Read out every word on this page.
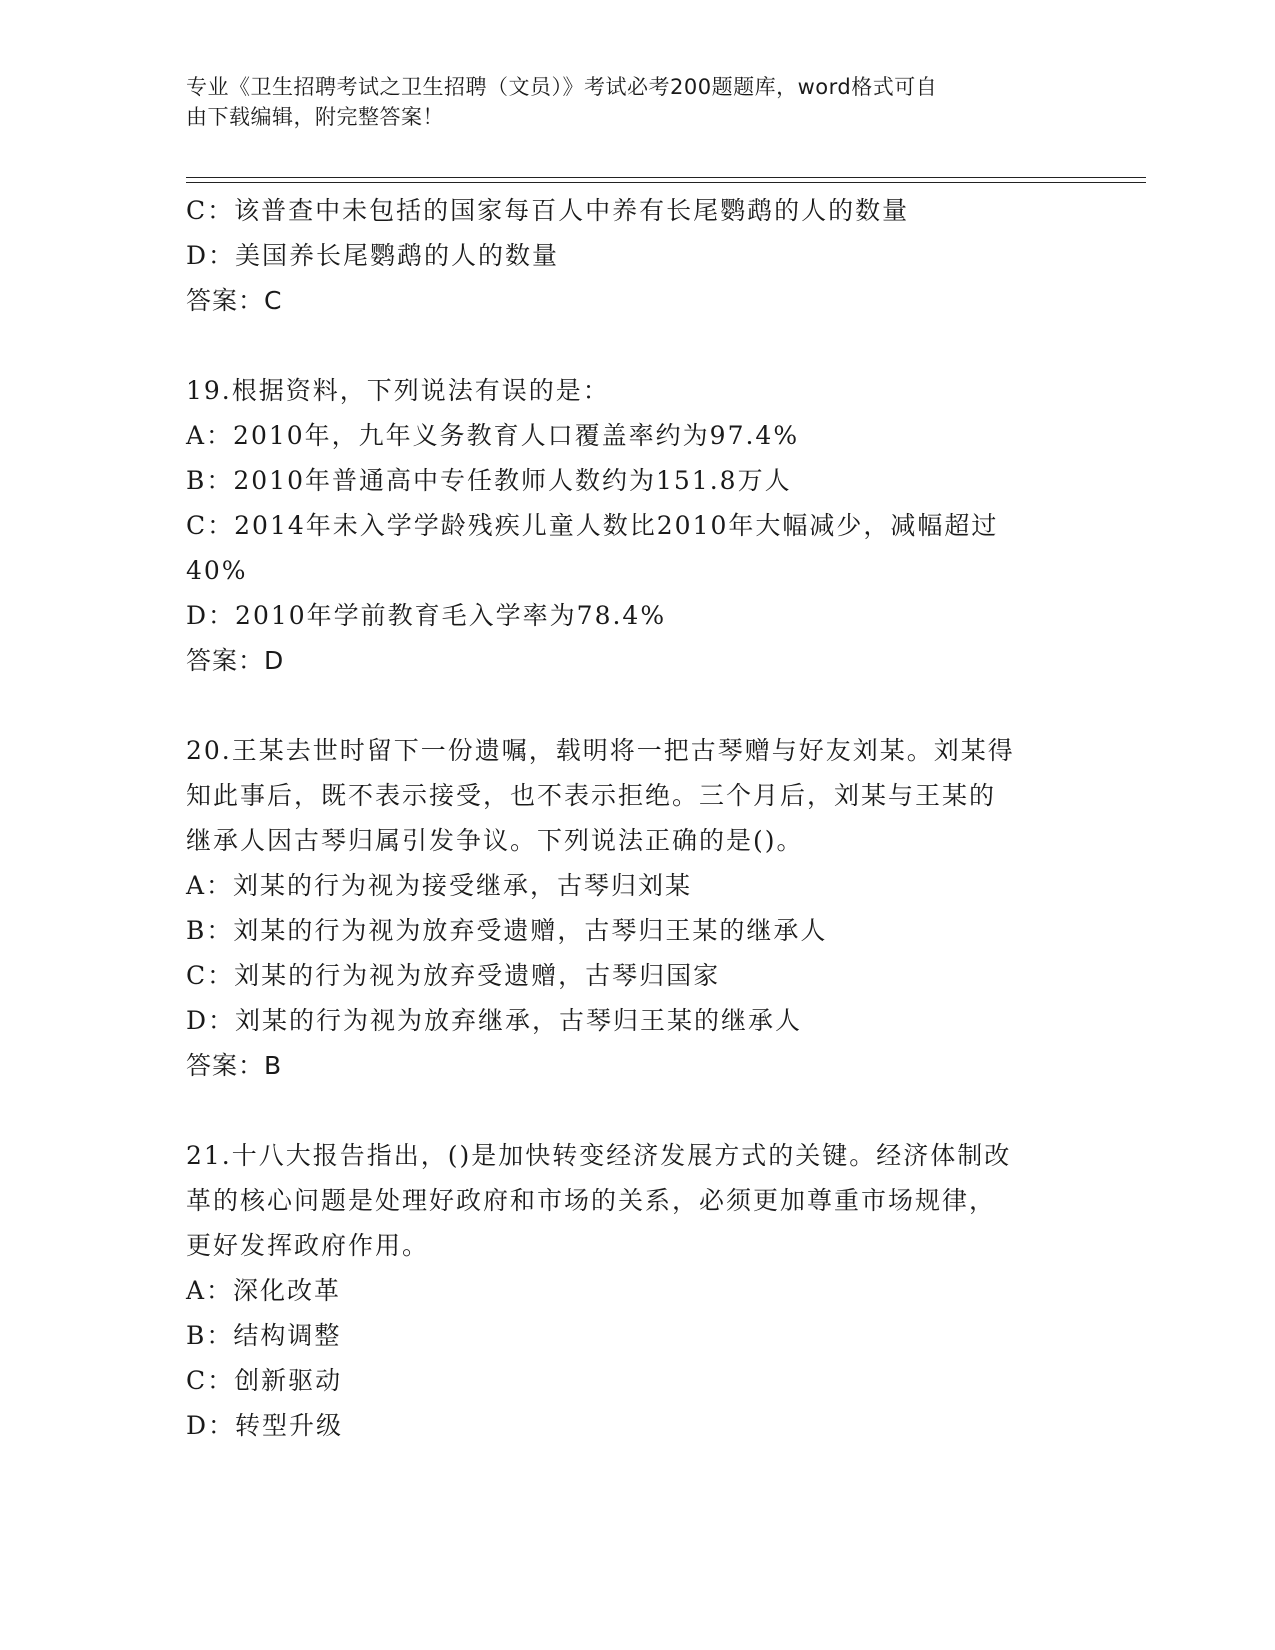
专业《卫生招聘考试之卫生招聘（文员）》考试必考200题题库，word格式可自
由下载编辑，附完整答案！
C：该普查中未包括的国家每百人中养有长尾鹦鹉的人的数量
D：美国养长尾鹦鹉的人的数量
答案：C
19.根据资料，下列说法有误的是：
A：2010年，九年义务教育人口覆盖率约为97.4%
B：2010年普通高中专任教师人数约为151.8万人
C：2014年未入学学龄残疾儿童人数比2010年大幅减少，减幅超过
40%
D：2010年学前教育毛入学率为78.4%
答案：D
20.王某去世时留下一份遗嘱，载明将一把古琴赠与好友刘某。刘某得
知此事后，既不表示接受，也不表示拒绝。三个月后，刘某与王某的
继承人因古琴归属引发争议。下列说法正确的是()。
A：刘某的行为视为接受继承，古琴归刘某
B：刘某的行为视为放弃受遗赠，古琴归王某的继承人
C：刘某的行为视为放弃受遗赠，古琴归国家
D：刘某的行为视为放弃继承，古琴归王某的继承人
答案：B
21.十八大报告指出，()是加快转变经济发展方式的关键。经济体制改
革的核心问题是处理好政府和市场的关系，必须更加尊重市场规律，
更好发挥政府作用。
A：深化改革
B：结构调整
C：创新驱动
D：转型升级
